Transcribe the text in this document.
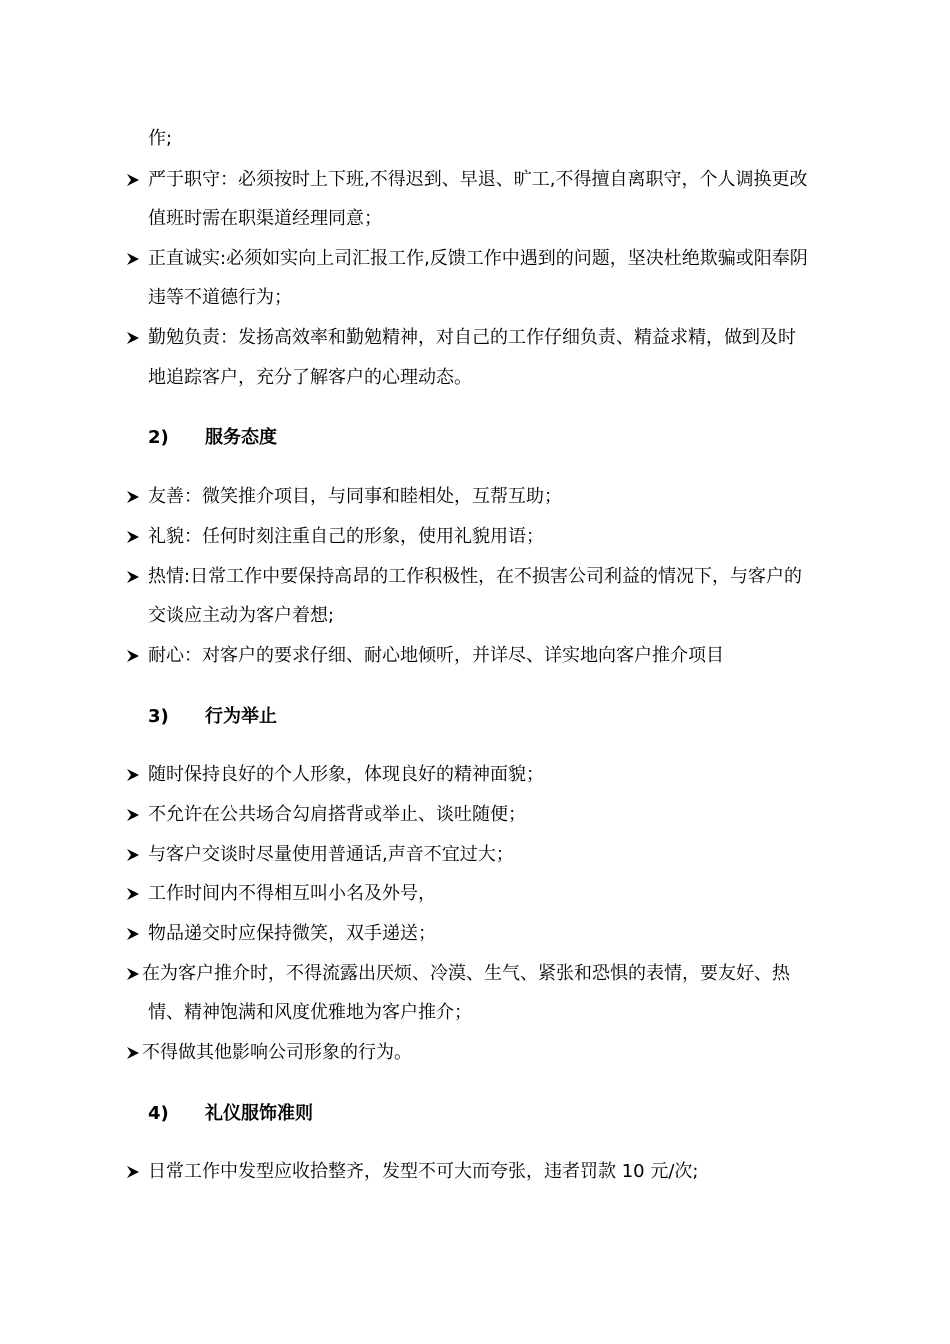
作;
严于职守：必须按时上下班,不得迟到、早退、旷工,不得擅自离职守，个人调换更改
值班时需在职渠道经理同意；
正直诚实:必须如实向上司汇报工作,反馈工作中遇到的问题，坚决杜绝欺骗或阳奉阴
违等不道德行为；
勤勉负责：发扬高效率和勤勉精神，对自己的工作仔细负责、精益求精，做到及时
地追踪客户，充分了解客户的心理动态。
2) 服务态度
友善：微笑推介项目，与同事和睦相处，互帮互助；
礼貌：任何时刻注重自己的形象，使用礼貌用语；
热情:日常工作中要保持高昂的工作积极性，在不损害公司利益的情况下，与客户的
交谈应主动为客户着想;
耐心：对客户的要求仔细、耐心地倾听，并详尽、详实地向客户推介项目
3) 行为举止
随时保持良好的个人形象，体现良好的精神面貌；
不允许在公共场合勾肩搭背或举止、谈吐随便；
与客户交谈时尽量使用普通话,声音不宜过大；
工作时间内不得相互叫小名及外号，
物品递交时应保持微笑，双手递送；
在为客户推介时，不得流露出厌烦、冷漠、生气、紧张和恐惧的表情，要友好、热
情、精神饱满和风度优雅地为客户推介；
不得做其他影响公司形象的行为。
4) 礼仪服饰准则
日常工作中发型应收拾整齐，发型不可大而夸张，违者罚款 10 元/次;
